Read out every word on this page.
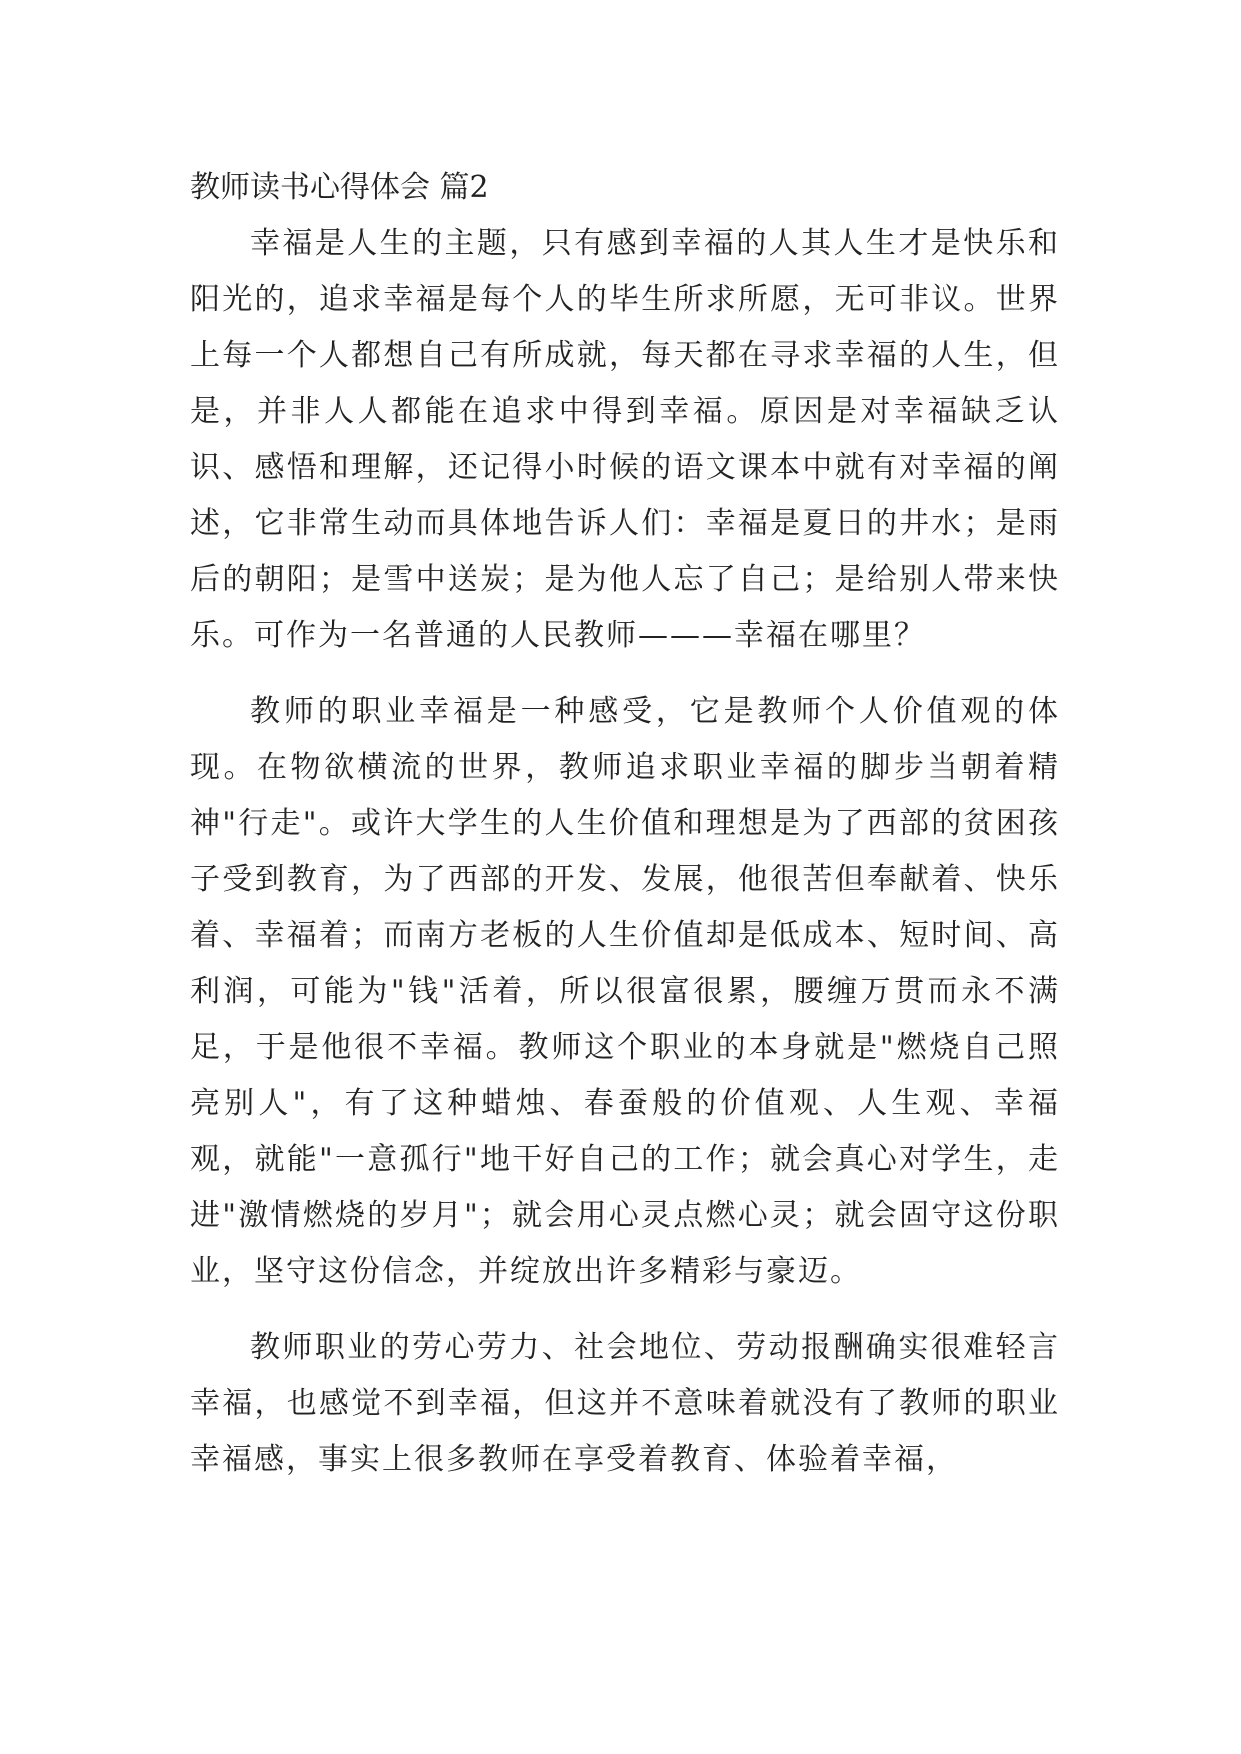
教师读书心得体会 篇2

幸福是人生的主题，只有感到幸福的人其人生才是快乐和阳光的，追求幸福是每个人的毕生所求所愿，无可非议。世界上每一个人都想自己有所成就，每天都在寻求幸福的人生，但是，并非人人都能在追求中得到幸福。原因是对幸福缺乏认识、感悟和理解，还记得小时候的语文课本中就有对幸福的阐述，它非常生动而具体地告诉人们：幸福是夏日的井水；是雨后的朝阳；是雪中送炭；是为他人忘了自己；是给别人带来快乐。可作为一名普通的人民教师———幸福在哪里？

教师的职业幸福是一种感受，它是教师个人价值观的体现。在物欲横流的世界，教师追求职业幸福的脚步当朝着精神"行走"。或许大学生的人生价值和理想是为了西部的贫困孩子受到教育，为了西部的开发、发展，他很苦但奉献着、快乐着、幸福着；而南方老板的人生价值却是低成本、短时间、高利润，可能为"钱"活着，所以很富很累，腰缠万贯而永不满足，于是他很不幸福。教师这个职业的本身就是"燃烧自己照亮别人"，有了这种蜡烛、春蚕般的价值观、人生观、幸福观，就能"一意孤行"地干好自己的工作；就会真心对学生，走进"激情燃烧的岁月"；就会用心灵点燃心灵；就会固守这份职业，坚守这份信念，并绽放出许多精彩与豪迈。

教师职业的劳心劳力、社会地位、劳动报酬确实很难轻言幸福，也感觉不到幸福，但这并不意味着就没有了教师的职业幸福感，事实上很多教师在享受着教育、体验着幸福，
